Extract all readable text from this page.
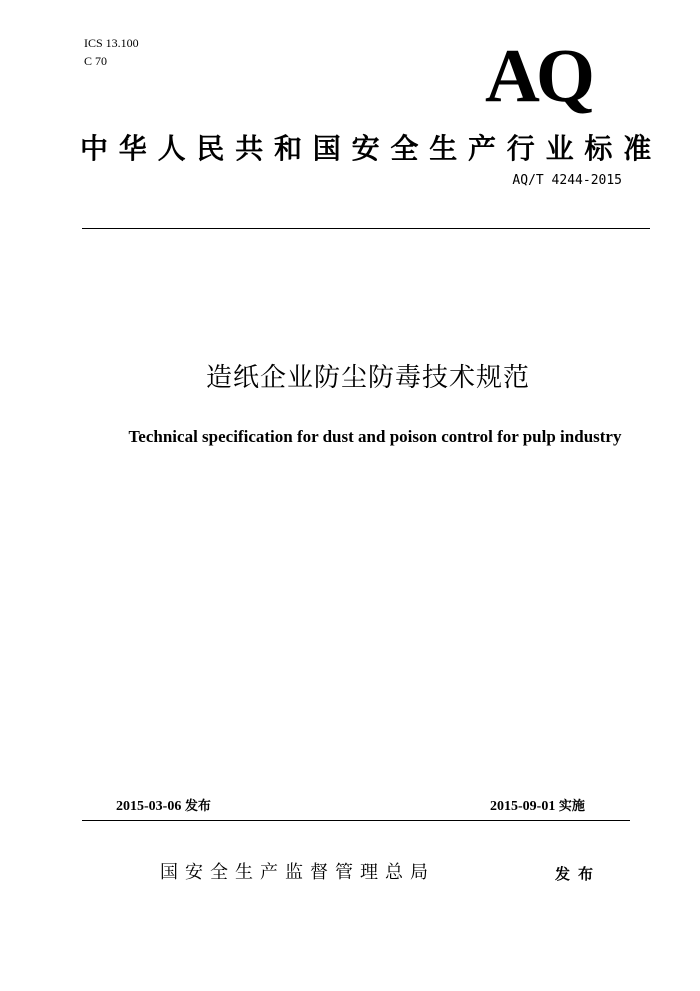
ICS 13.100
C 70	AQ
中华人民共和国安全生产行业标准
AQ/T 4244-2015
造纸企业防尘防毒技术规范
Technical specification for dust and poison control for pulp industry
2015-03-06 发布	2015-09-01 实施
国安全生产监督管理总局	发布
